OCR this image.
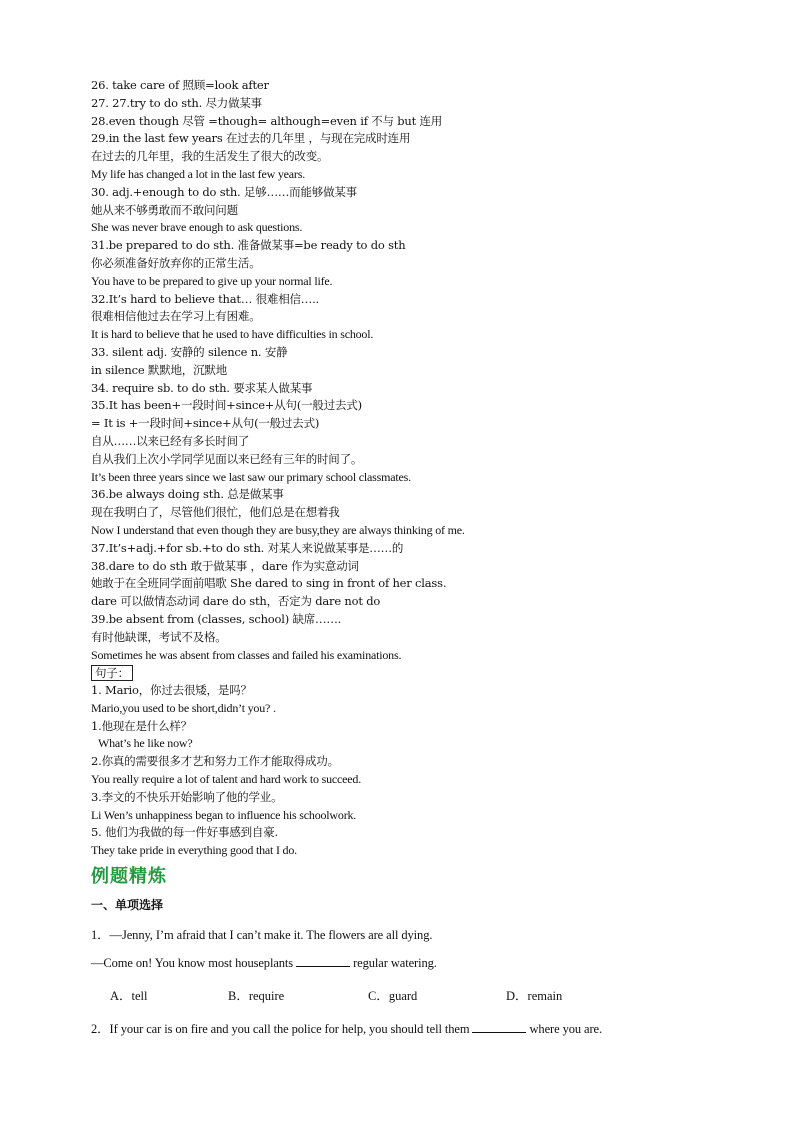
26. take care of 照顾=look after
27. 27.try to do sth. 尽力做某事
28.even though 尽管 =though= although=even if 不与 but 连用
29.in the last few years 在过去的几年里 ，与现在完成时连用
在过去的几年里，我的生活发生了很大的改变。
My life has changed a lot in the last few years.
30. adj.+enough to do sth. 足够……而能够做某事
她从来不够勇敢而不敢问问题
She was never brave enough to ask questions.
31.be prepared to do sth. 准备做某事=be ready to do sth
你必须准备好放弃你的正常生活。
You have to be prepared to give up your normal life.
32.It’s hard to believe that… 很难相信…..
很难相信他过去在学习上有困难。
It is hard to believe that he used to have difficulties in school.
33. silent adj. 安静的 silence n. 安静
in silence 默默地，沉默地
34. require sb. to do sth. 要求某人做某事
35.It has been+一段时间+since+从句(一般过去式)
= It is +一段时间+since+从句(一般过去式)
自从……以来已经有多长时间了
自从我们上次小学同学见面以来已经有三年的时间了。
It’s been three years since we last saw our primary school classmates.
36.be always doing sth. 总是做某事
现在我明白了，尽管他们很忙，他们总是在想着我
Now I understand that even though they are busy,they are always thinking of me.
37.It’s+adj.+for sb.+to do sth. 对某人来说做某事是……的
38.dare to do sth 敢于做某事 ，dare 作为实意动词
她敢于在全班同学面前唱歌 She dared to sing in front of her class.
dare 可以做情态动词 dare do sth，否定为 dare not do
39.be absent from (classes, school) 缺席…….
有时他缺课，考试不及格。
Sometimes he was absent from classes and failed his examinations.
句子：
1. Mario，你过去很矮，是吗？
Mario,you used to be short,didn’t you? .
1.他现在是什么样？
What’s he like now?
2.你真的需要很多才艺和努力工作才能取得成功。
You really require a lot of talent and hard work to succeed.
3.李文的不快乐开始影响了他的学业。
Li Wen’s unhappiness began to influence his schoolwork.
5. 他们为我做的每一件好事感到自豪.
They take pride in everything good that I do.
例题精炼
一、单项选择
1．—Jenny, I’m afraid that I can’t make it. The flowers are all dying.
—Come on! You know most houseplants	regular watering.
A．tell	B．require	C．guard	D．remain
2．If your car is on fire and you call the police for help, you should tell them	where you are.
